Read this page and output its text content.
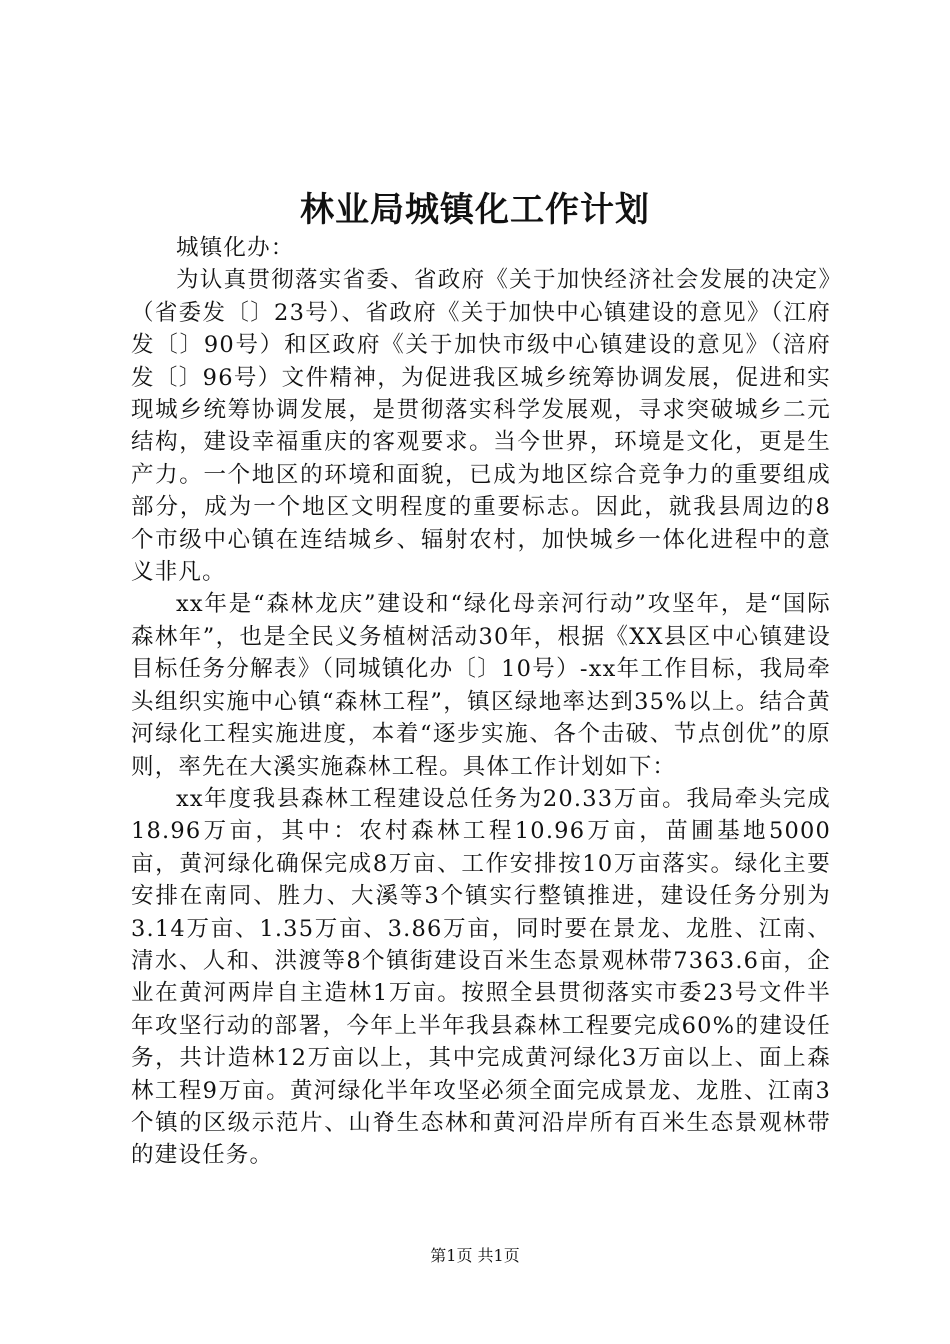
林业局城镇化工作计划

城镇化办：

为认真贯彻落实省委、省政府《关于加快经济社会发展的决定》（省委发〔〕23号）、省政府《关于加快中心镇建设的意见》（江府发〔〕90号）和区政府《关于加快市级中心镇建设的意见》（涪府发〔〕96号）文件精神，为促进我区城乡统筹协调发展，促进和实现城乡统筹协调发展，是贯彻落实科学发展观，寻求突破城乡二元结构，建设幸福重庆的客观要求。当今世界，环境是文化，更是生产力。一个地区的环境和面貌，已成为地区综合竞争力的重要组成部分，成为一个地区文明程度的重要标志。因此，就我县周边的8个市级中心镇在连结城乡、辐射农村，加快城乡一体化进程中的意义非凡。

xx年是“森林龙庆”建设和“绿化母亲河行动”攻坚年，是“国际森林年”，也是全民义务植树活动30年，根据《XX县区中心镇建设目标任务分解表》（同城镇化办〔〕10号）-xx年工作目标，我局牵头组织实施中心镇“森林工程”，镇区绿地率达到35%以上。结合黄河绿化工程实施进度，本着“逐步实施、各个击破、节点创优”的原则，率先在大溪实施森林工程。具体工作计划如下：

xx年度我县森林工程建设总任务为20.33万亩。我局牵头完成18.96万亩，其中：农村森林工程10.96万亩，苗圃基地5000亩，黄河绿化确保完成8万亩、工作安排按10万亩落实。绿化主要安排在南同、胜力、大溪等3个镇实行整镇推进，建设任务分别为3.14万亩、1.35万亩、3.86万亩，同时要在景龙、龙胜、江南、清水、人和、洪渡等8个镇街建设百米生态景观林带7363.6亩，企业在黄河两岸自主造林1万亩。按照全县贯彻落实市委23号文件半年攻坚行动的部署，今年上半年我县森林工程要完成60%的建设任务，共计造林12万亩以上，其中完成黄河绿化3万亩以上、面上森林工程9万亩。黄河绿化半年攻坚必须全面完成景龙、龙胜、江南3个镇的区级示范片、山脊生态林和黄河沿岸所有百米生态景观林带的建设任务。

第1页 共1页
